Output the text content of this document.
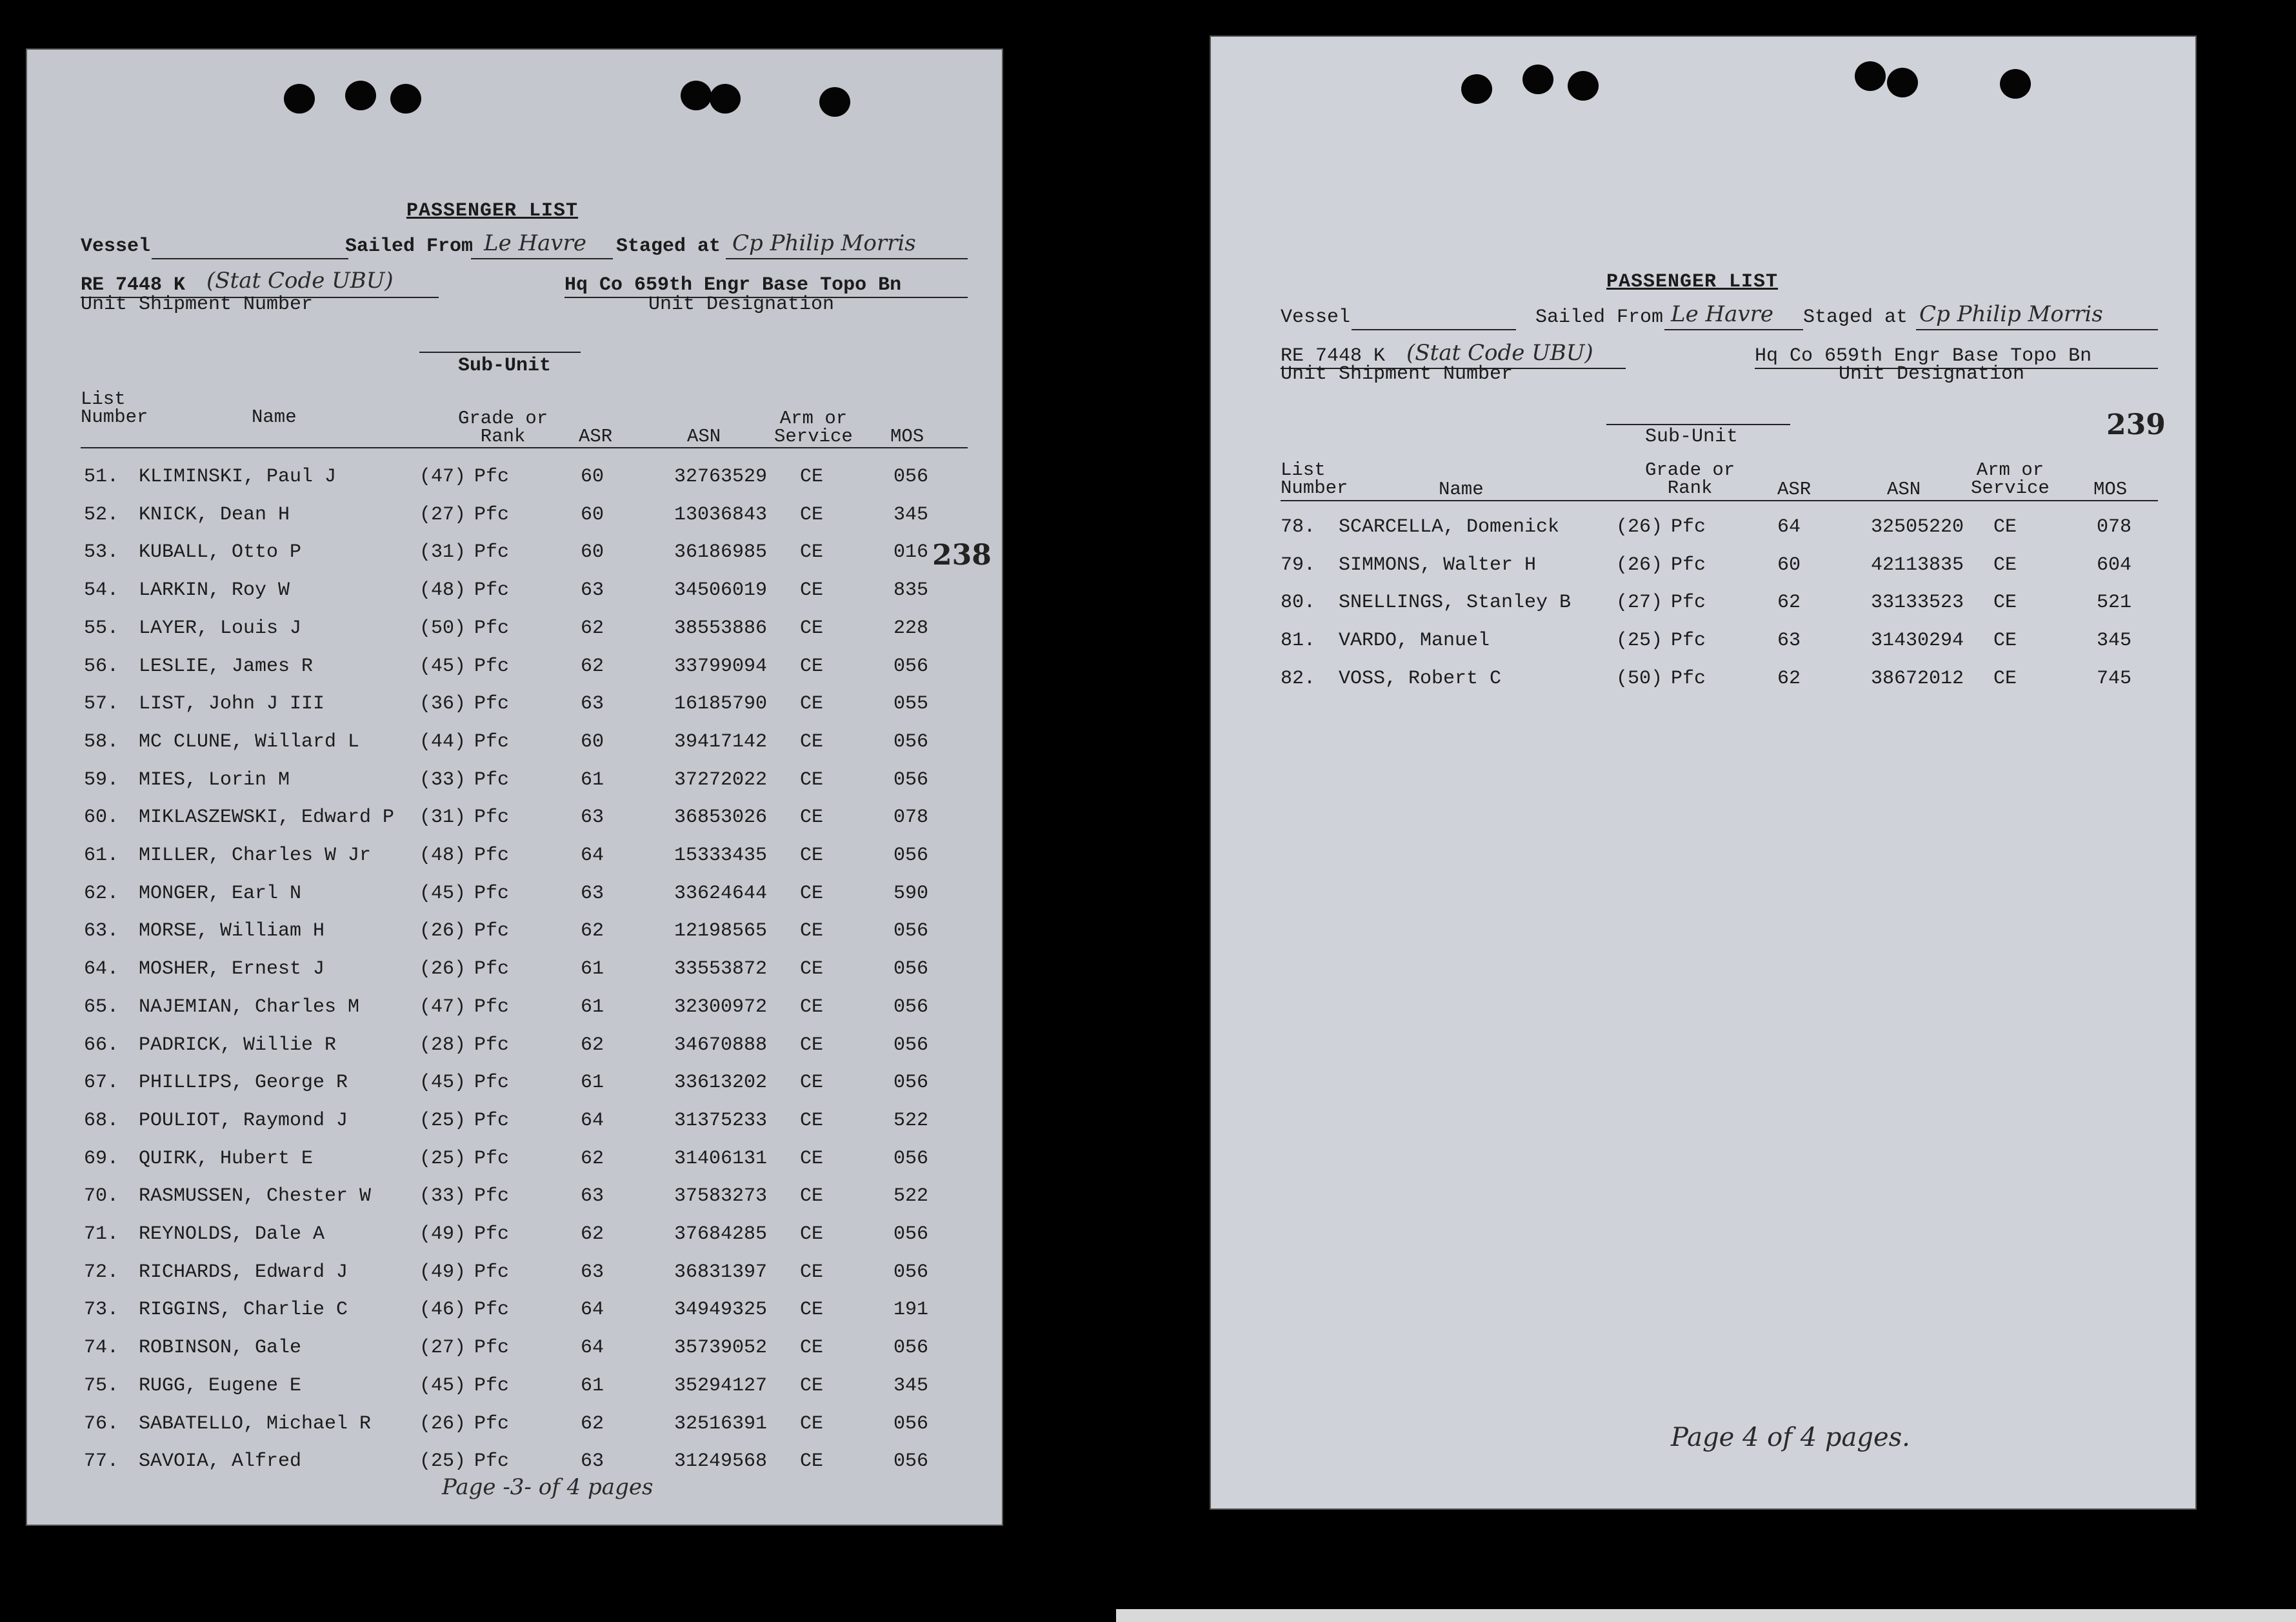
PASSENGER LIST
Vessel	Sailed From Le Havre Staged at Cp Philip Morris
RE 7448 K (Stat Code UBU)
Unit Shipment Number
Hq Co 659th Engr Base Topo Bn
Unit Designation
Sub-Unit
List
Number	Name	Grade or
Rank	ASR	ASN
Arm or
Service MOS
51. KLIMINSKI, Paul J	(47) Pfc	60	32763529 CE	056
52. KNICK, Dean H	(27) Pfc	60	13036843 CE	345
53. KUBALL, Otto P	(31) Pfc	60	36186985 CE	016
54. LARKIN, Roy W	(48) Pfc	63	34506019 CE	835
55. LAYER, Louis J	(50) Pfc	62	38553886 CE	228
56. LESLIE, James R	(45) Pfc	62	33799094 CE	056
57. LIST, John J III	(36) Pfc	63	16185790 CE	055
58. MC CLUNE, Willard L	(44) Pfc	60	39417142 CE	056
59. MIES, Lorin M	(33) Pfc	61	37272022 CE	056
60. MIKLASZEWSKI, Edward P (31) Pfc	63	36853026 CE	078
61. MILLER, Charles W Jr (48) Pfc	64	15333435 CE	056
62. MONGER, Earl N	(45) Pfc	63	33624644 CE	590
63. MORSE, William H	(26) Pfc	62	12198565 CE	056
64. MOSHER, Ernest J	(26) Pfc	61	33553872 CE	056
65. NAJEMIAN, Charles M	(47) Pfc	61	32300972 CE	056
66. PADRICK, Willie R	(28) Pfc	62	34670888 CE	056
67. PHILLIPS, George R	(45) Pfc	61	33613202 CE	056
68. POULIOT, Raymond J	(25) Pfc	64	31375233 CE	522
69. QUIRK, Hubert E	(25) Pfc	62	31406131 CE	056
70. RASMUSSEN, Chester W (33) Pfc	63	37583273 CE	522
71. REYNOLDS, Dale A	(49) Pfc	62	37684285 CE	056
72. RICHARDS, Edward J	(49) Pfc	63	36831397 CE	056
73. RIGGINS, Charlie C	(46) Pfc	64	34949325 CE	191
74. ROBINSON, Gale	(27) Pfc	64	35739052 CE	056
75. RUGG, Eugene E	(45) Pfc	61	35294127 CE	345
76. SABATELLO, Michael R (26) Pfc	62	32516391 CE	056
77. SAVOIA, Alfred	(25) Pfc	63	31249568 CE	056
238
Page -3- of 4 pages
PASSENGER LIST
Vessel	Sailed From Le Havre Staged at Cp Philip Morris
RE 7448 K (Stat Code UBU)
Unit Shipment Number
Hq Co 659th Engr Base Topo Bn
Unit Designation
Sub-Unit	239
List
Number	Name
Grade or
Rank	ASR	ASN
Arm or
Service MOS
78. SCARCELLA, Domenick	(26) Pfc	64	32505220 CE	078
79. SIMMONS, Walter H	(26) Pfc	60	42113835 CE	604
80. SNELLINGS, Stanley B (27) Pfc	62	33133523 CE	521
81. VARDO, Manuel	(25) Pfc	63	31430294 CE	345
82. VOSS, Robert C	(50) Pfc	62	38672012 CE	745
Page 4 of 4 pages.
